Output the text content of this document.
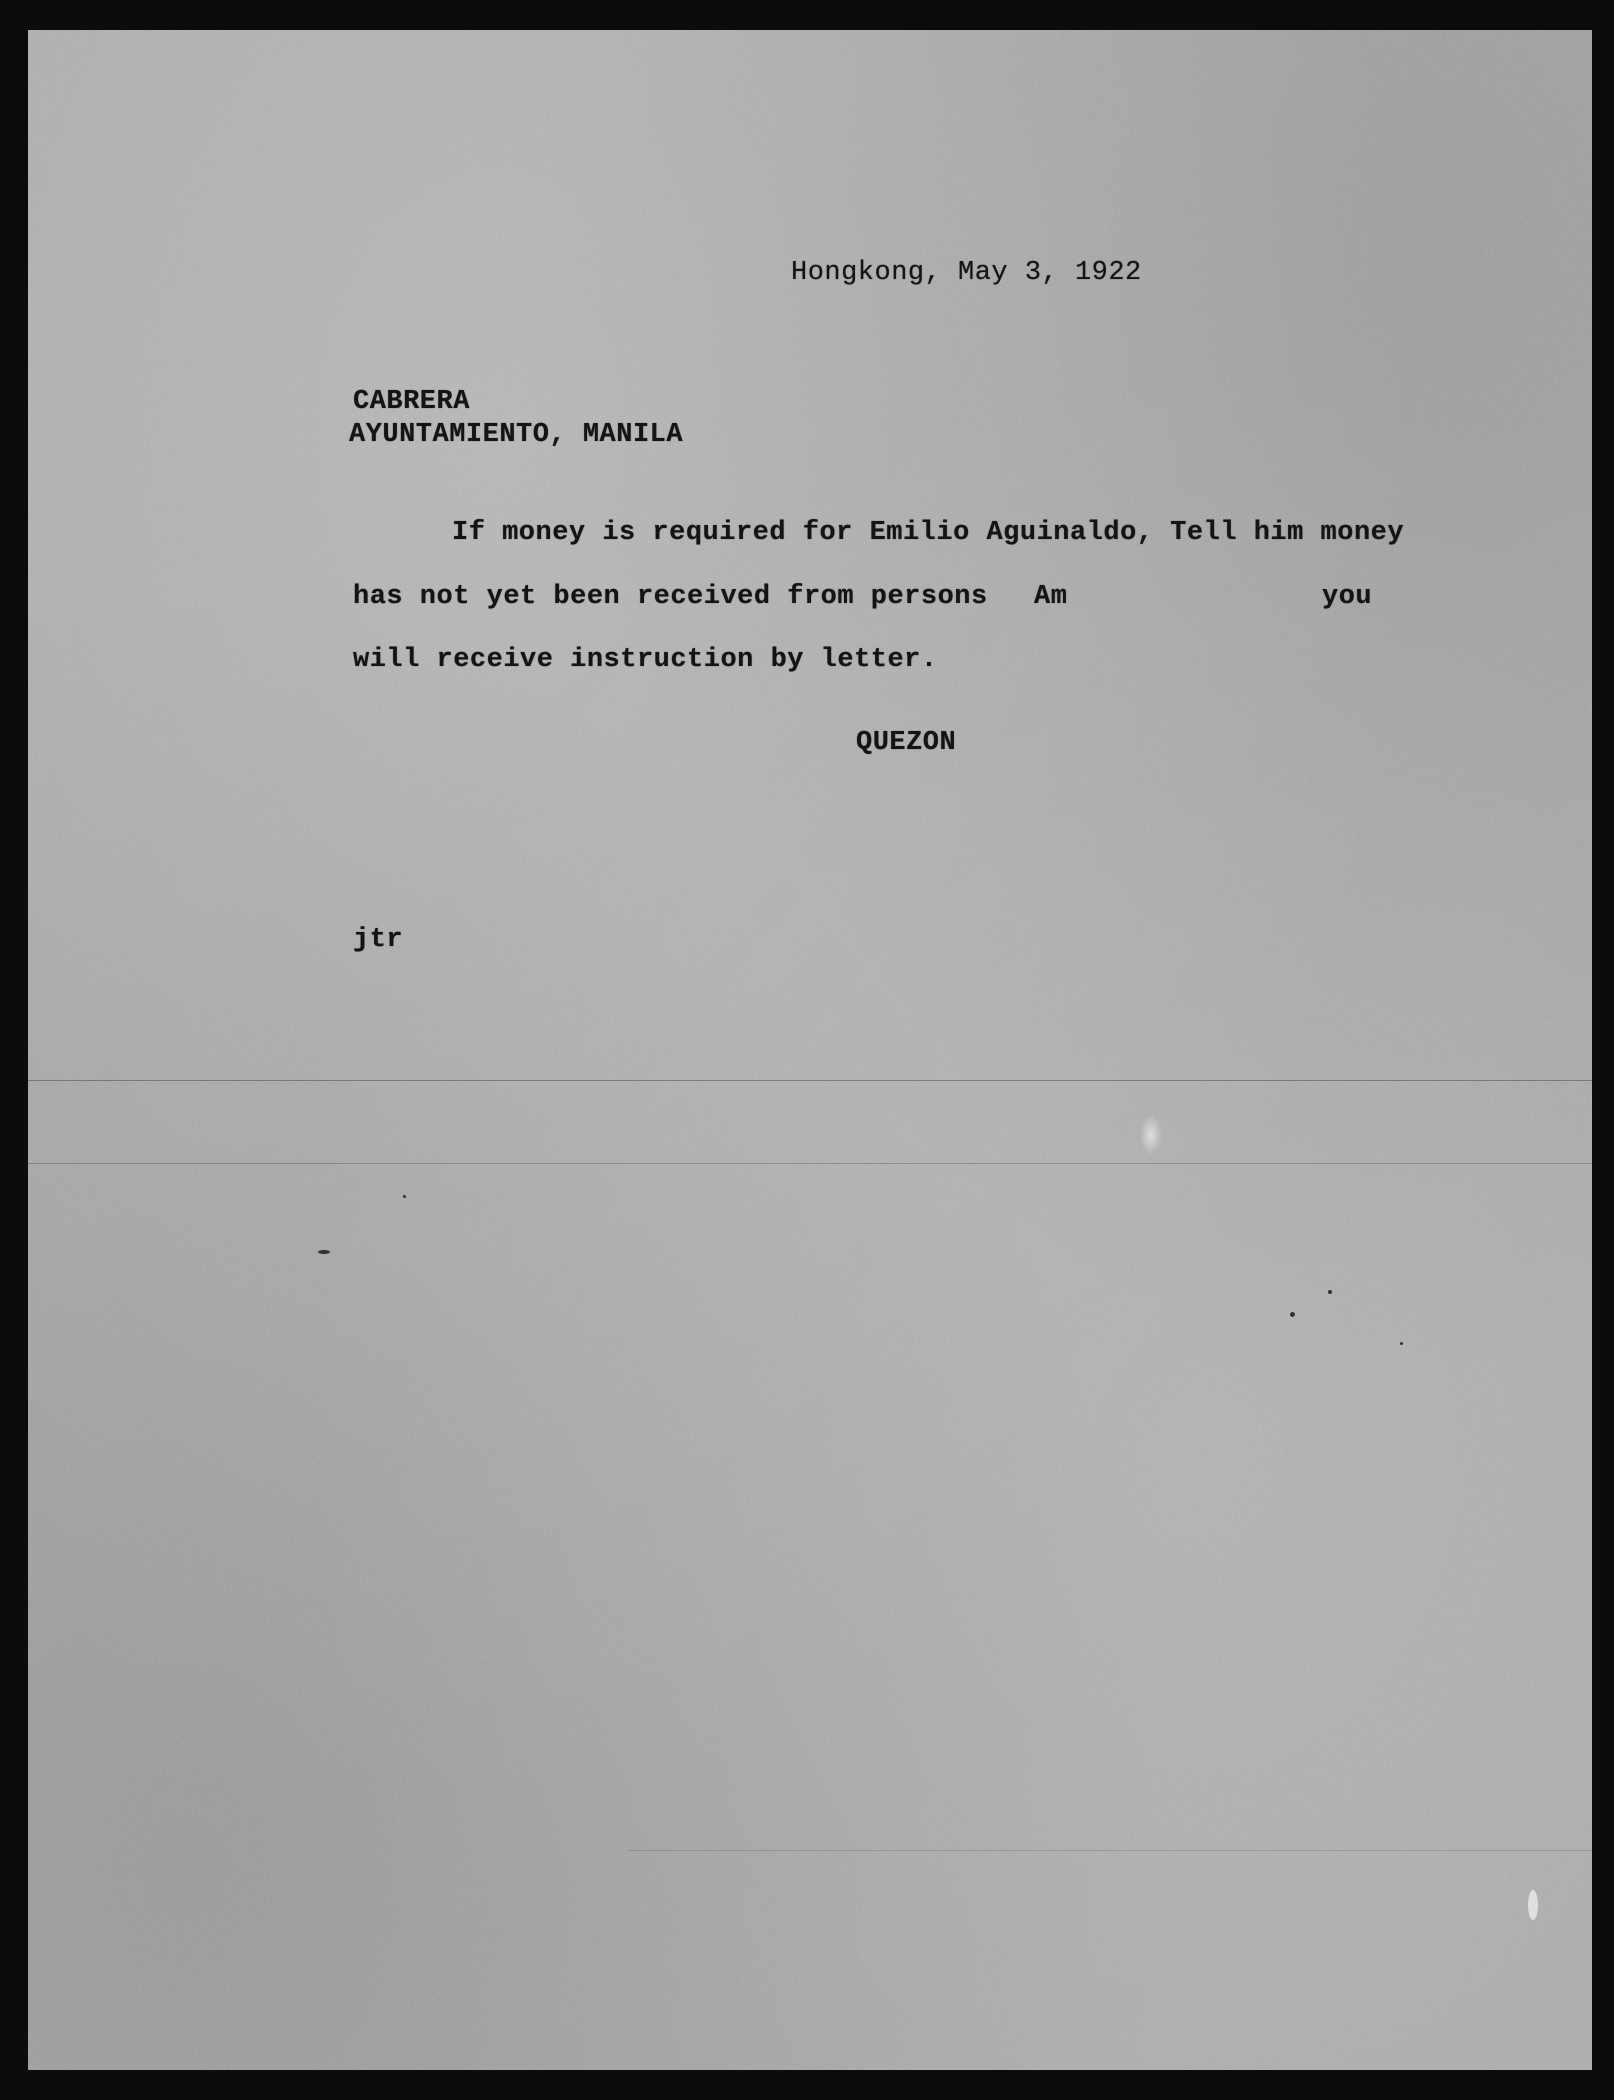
Hongkong, May 3, 1922
CABRERA
AYUNTAMIENTO, MANILA
If money is required for Emilio Aguinaldo, Tell him money
has not yet been received from persons Am	you
will receive instruction by letter.
QUEZON
jtr
